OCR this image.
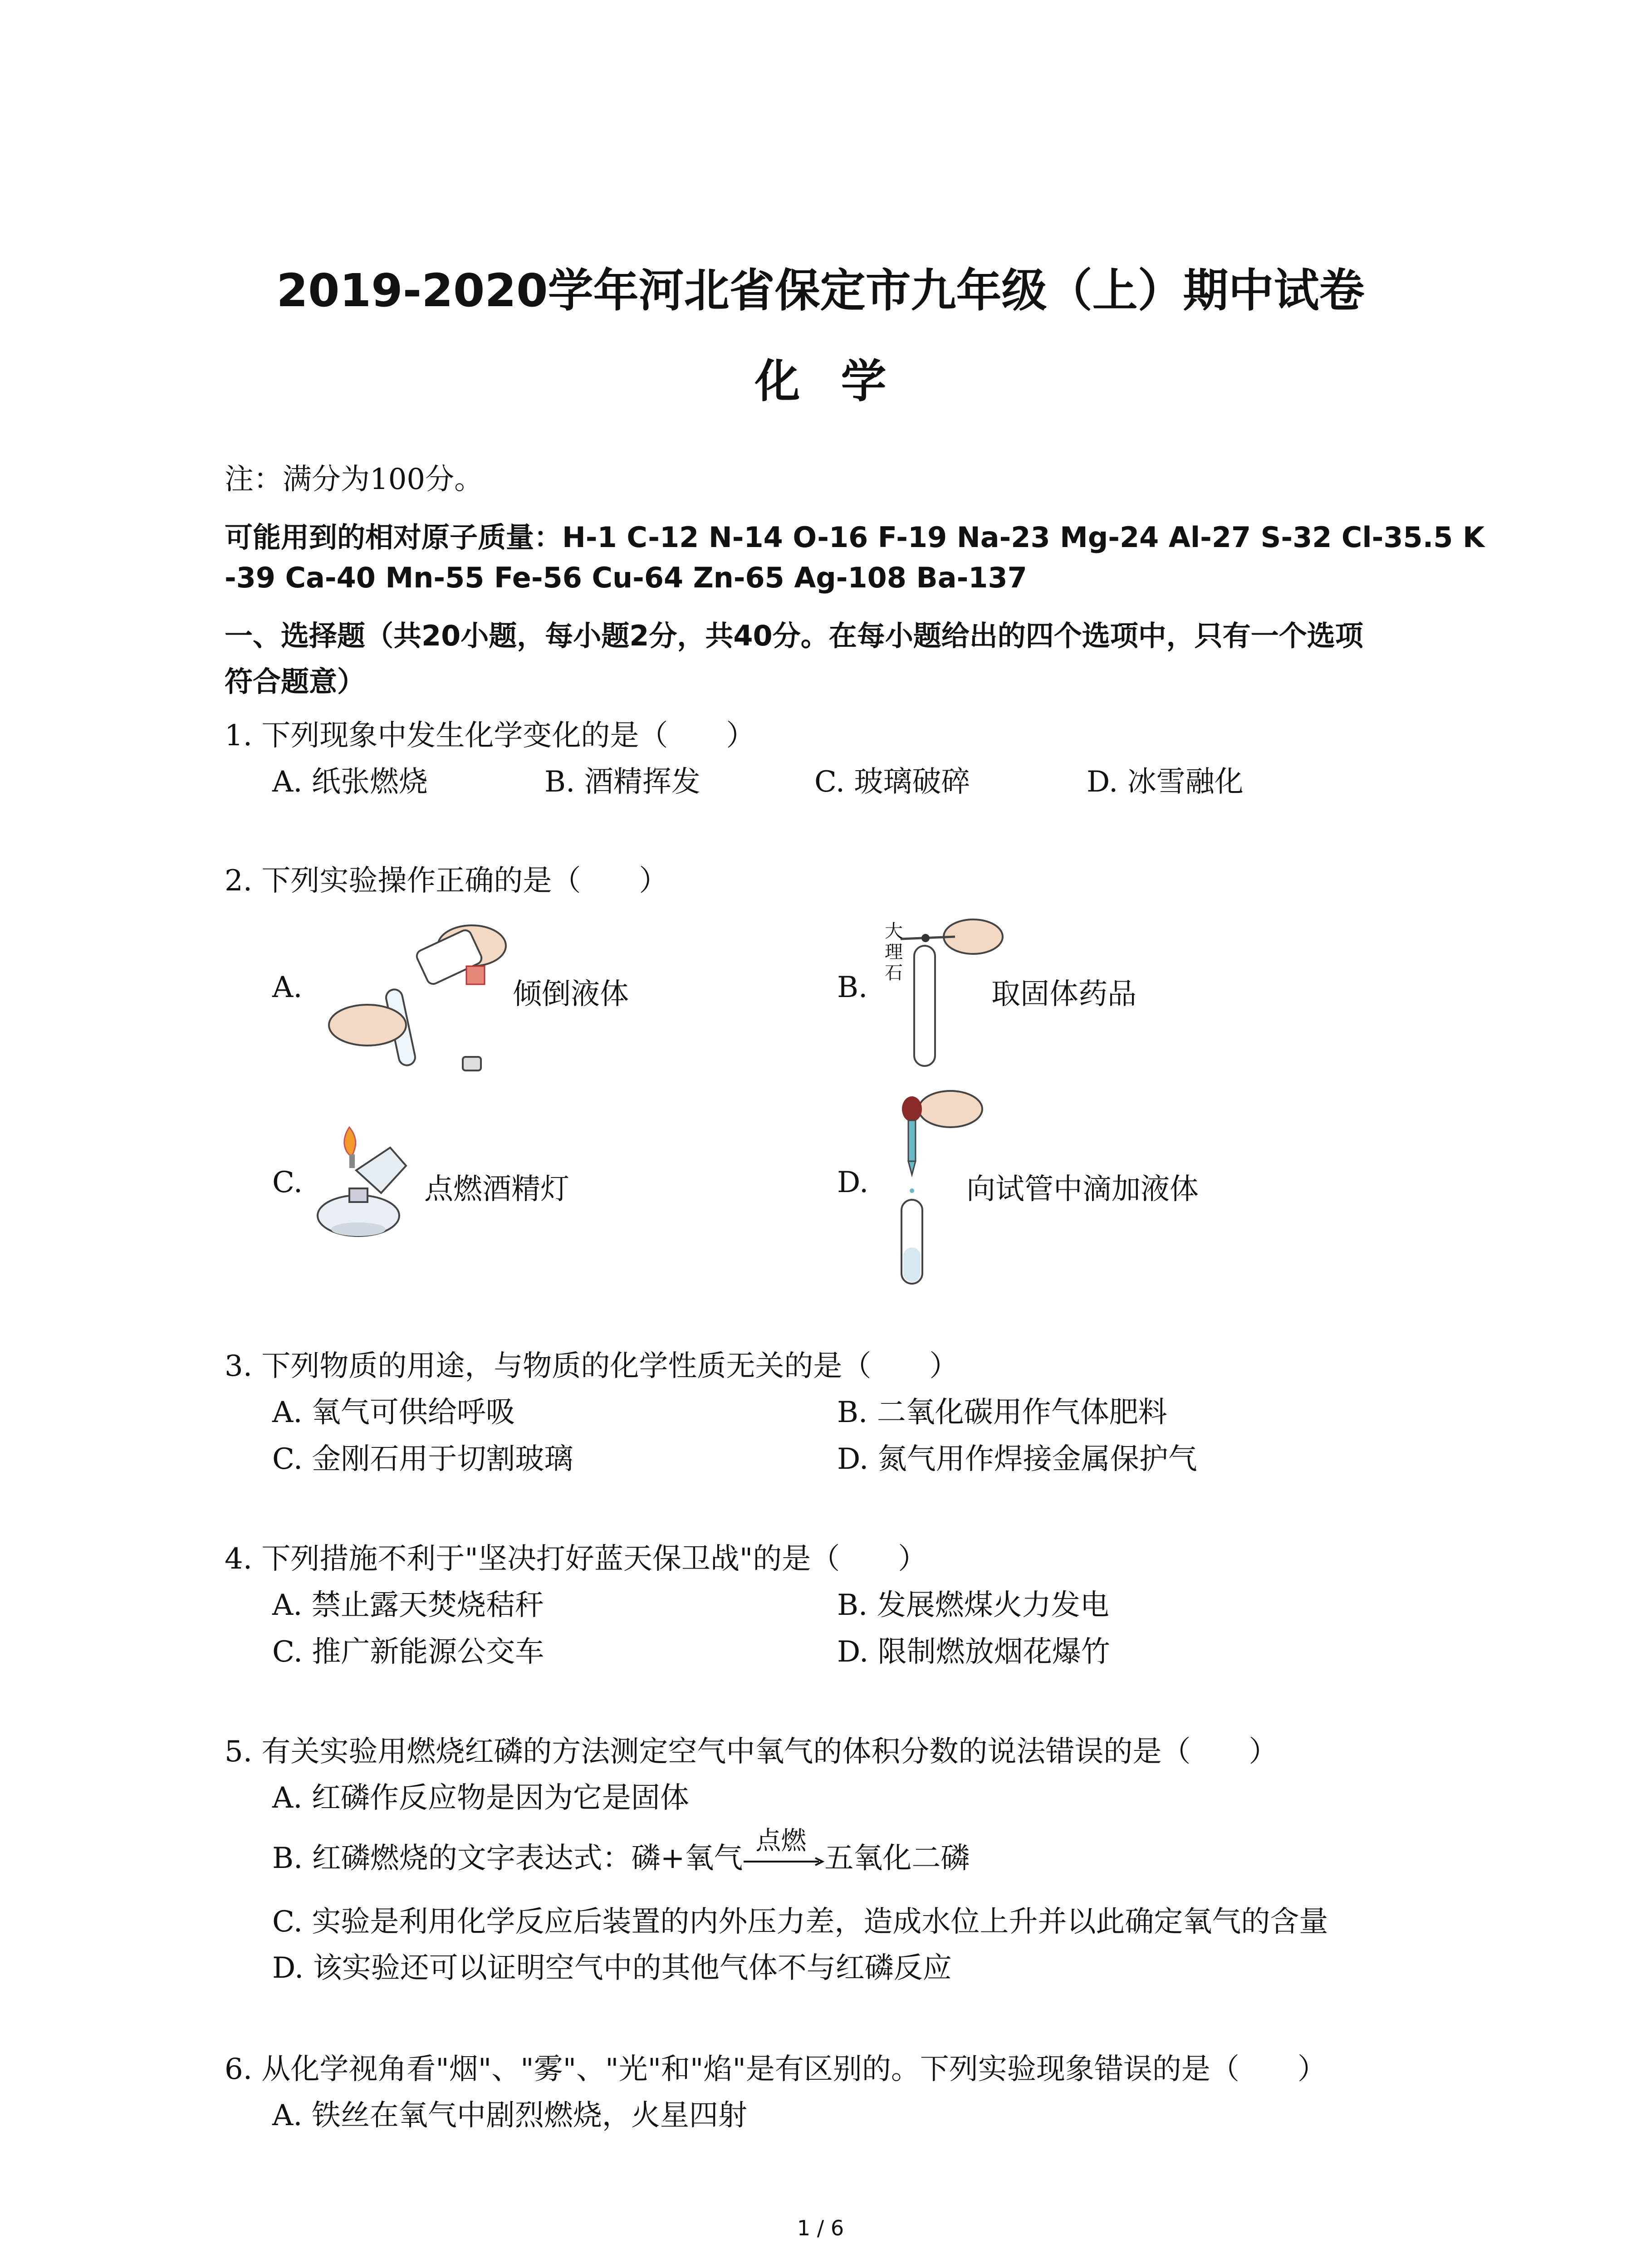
2019-2020学年河北省保定市九年级（上）期中试卷
化学
注：满分为100分。
可能用到的相对原子质量：H-1 C-12 N-14 O-16 F-19 Na-23 Mg-24 Al-27 S-32 Cl-35.5 K
-39 Ca-40 Mn-55 Fe-56 Cu-64 Zn-65 Ag-108 Ba-137
一、选择题（共20小题，每小题2分，共40分。在每小题给出的四个选项中，只有一个选项
符合题意）
1. 下列现象中发生化学变化的是（　　）
A. 纸张燃烧	B. 酒精挥发	C. 玻璃破碎	D. 冰雪融化
2. 下列实验操作正确的是（　　）
A.	倾倒液体	B.
大理石
取固体药品
C.	点燃酒精灯	D.	向试管中滴加液体
3. 下列物质的用途，与物质的化学性质无关的是（　　）
A. 氧气可供给呼吸	B. 二氧化碳用作气体肥料
C. 金刚石用于切割玻璃	D. 氮气用作焊接金属保护气
4. 下列措施不利于"坚决打好蓝天保卫战"的是（　　）
A. 禁止露天焚烧秸秆	B. 发展燃煤火力发电
C. 推广新能源公交车	D. 限制燃放烟花爆竹
5. 有关实验用燃烧红磷的方法测定空气中氧气的体积分数的说法错误的是（　　）
A. 红磷作反应物是因为它是固体
B. 红磷燃烧的文字表达式：磷+氧气
点燃
五氧化二磷
C. 实验是利用化学反应后装置的内外压力差，造成水位上升并以此确定氧气的含量
D. 该实验还可以证明空气中的其他气体不与红磷反应
6. 从化学视角看"烟"、"雾"、"光"和"焰"是有区别的。下列实验现象错误的是（　　）
A. 铁丝在氧气中剧烈燃烧，火星四射
1 / 6
